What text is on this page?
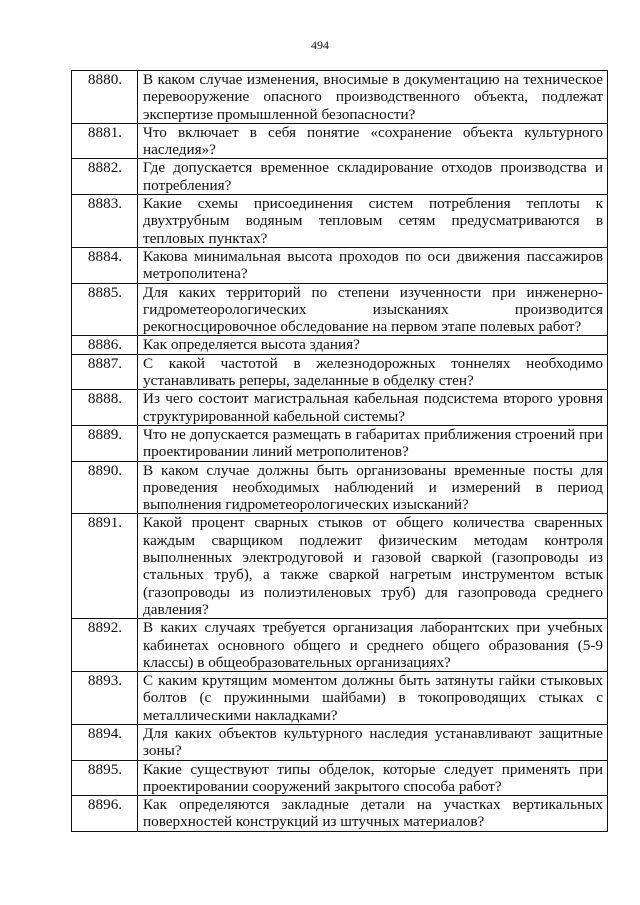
494
8880.	В каком случае изменения, вносимые в документацию на техническое перевооружение опасного производственного объекта, подлежат экспертизе промышленной безопасности?
8881.	Что включает в себя понятие «сохранение объекта культурного наследия»?
8882.	Где допускается временное складирование отходов производства и потребления?
8883.	Какие схемы присоединения систем потребления теплоты к двухтрубным водяным тепловым сетям предусматриваются в тепловых пунктах?
8884.	Какова минимальная высота проходов по оси движения пассажиров метрополитена?
8885.	Для каких территорий по степени изученности при инженерно-гидрометеорологических изысканиях производится рекогносцировочное обследование на первом этапе полевых работ?
8886.	Как определяется высота здания?
8887.	С какой частотой в железнодорожных тоннелях необходимо устанавливать реперы, заделанные в обделку стен?
8888.	Из чего состоит магистральная кабельная подсистема второго уровня структурированной кабельной системы?
8889.	Что не допускается размещать в габаритах приближения строений при проектировании линий метрополитенов?
8890.	В каком случае должны быть организованы временные посты для проведения необходимых наблюдений и измерений в период выполнения гидрометеорологических изысканий?
8891.	Какой процент сварных стыков от общего количества сваренных каждым сварщиком подлежит физическим методам контроля выполненных электродуговой и газовой сваркой (газопроводы из стальных труб), а также сваркой нагретым инструментом встык (газопроводы из полиэтиленовых труб) для газопровода среднего давления?
8892.	В каких случаях требуется организация лаборантских при учебных кабинетах основного общего и среднего общего образования (5-9 классы) в общеобразовательных организациях?
8893.	С каким крутящим моментом должны быть затянуты гайки стыковых болтов (с пружинными шайбами) в токопроводящих стыках с металлическими накладками?
8894.	Для каких объектов культурного наследия устанавливают защитные зоны?
8895.	Какие существуют типы обделок, которые следует применять при проектировании сооружений закрытого способа работ?
8896.	Как определяются закладные детали на участках вертикальных поверхностей конструкций из штучных материалов?
